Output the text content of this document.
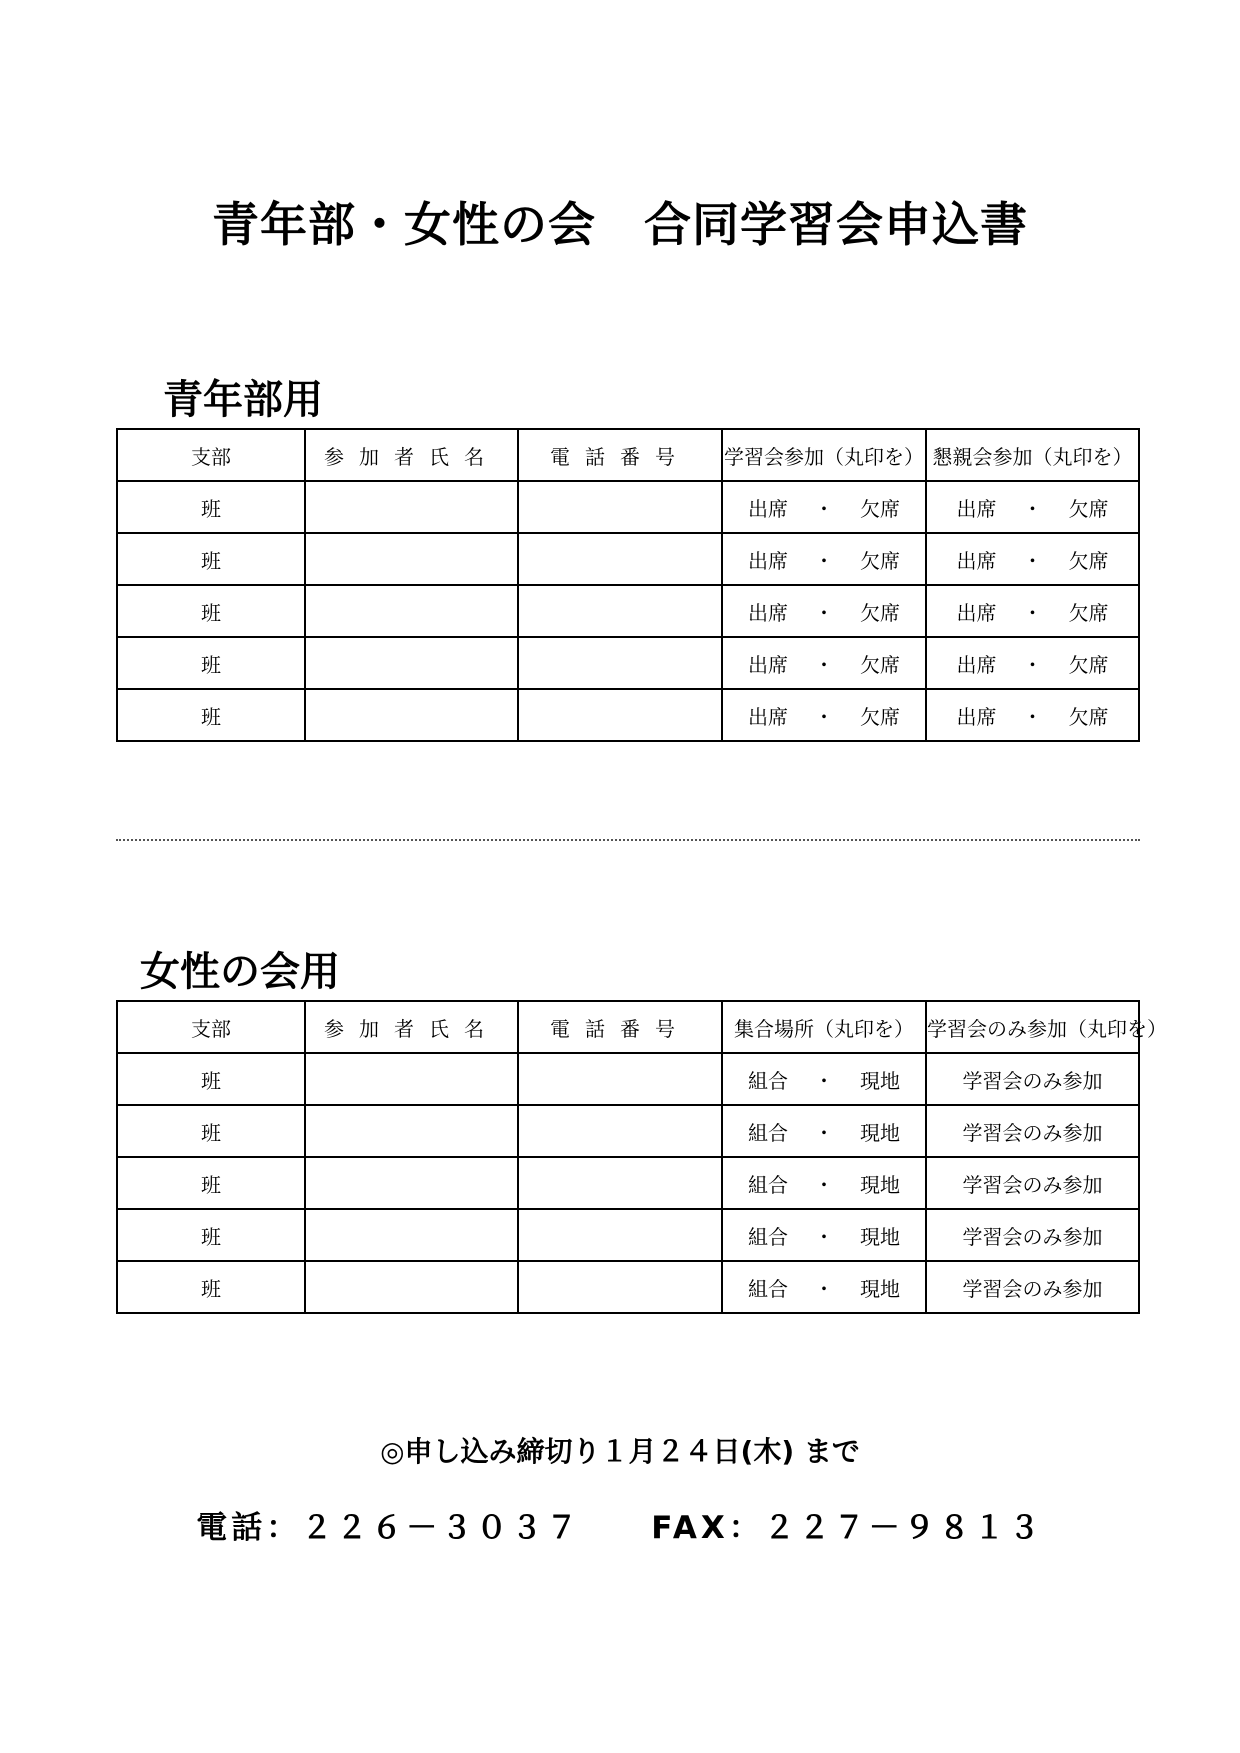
青年部・女性の会　合同学習会申込書
青年部用
支部	参加者氏名	電話番号	学習会参加（丸印を）	懇親会参加（丸印を）
班			出席 ・ 欠席	出席 ・ 欠席
班			出席 ・ 欠席	出席 ・ 欠席
班			出席 ・ 欠席	出席 ・ 欠席
班			出席 ・ 欠席	出席 ・ 欠席
班			出席 ・ 欠席	出席 ・ 欠席
女性の会用
支部	参加者氏名	電話番号	集合場所（丸印を）	学習会のみ参加（丸印を）
班			組合 ・ 現地	学習会のみ参加
班			組合 ・ 現地	学習会のみ参加
班			組合 ・ 現地	学習会のみ参加
班			組合 ・ 現地	学習会のみ参加
班			組合 ・ 現地	学習会のみ参加
◎申し込み締切り１月２４日(木) まで
電話：２２６－３０３７　　FAX：２２７－９８１３
